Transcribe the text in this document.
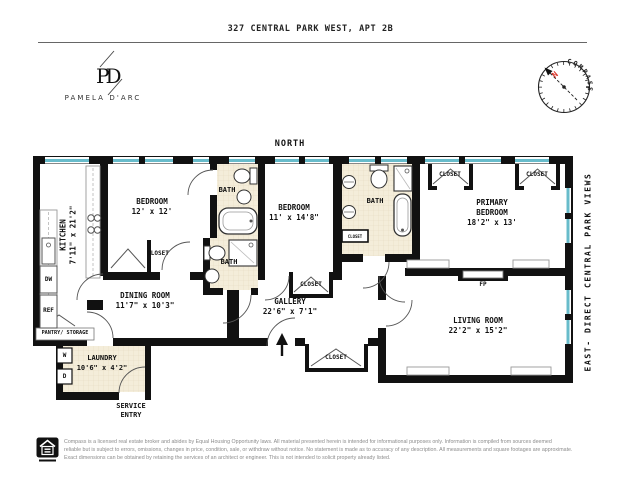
327 CENTRAL PARK WEST, APT 2B
PD
PAMELA D'ARC
N
COMPASS
NORTH
EAST- DIRECT CENTRAL PARK VIEWS
KITCHEN 7'11" x 21'2"
BEDROOM
12' x 12'
BATH
BEDROOM
11' x 14'8"
BATH
BATH	PRIMARY BEDROOM
18'2" x 13'
DINING ROOM
11'7" x 10'3"	GALLERY
22'6" x 7'1"
LIVING ROOM
22'2" x 15'2"
LAUNDRY
10'6" x 4'2"
SERVICE ENTRY
PANTRY/ STORAGE
CLOSET
CLOSET
CLOSET
CLOSET	CLOSET
CLOSET
FP
DW
REF
W
D
Compass is a licensed real estate broker and abides by Equal Housing Opportunity laws. All material presented herein is intended for informational purposes only. Information is compiled from sources deemed
reliable but is subject to errors, omissions, changes in price, condition, sale, or withdraw without notice. No statement is made as to accuracy of any description. All measurements and square footages are approximate.
Exact dimensions can be obtained by retaining the services of an architect or engineer. This is not intended to solicit property already listed.
